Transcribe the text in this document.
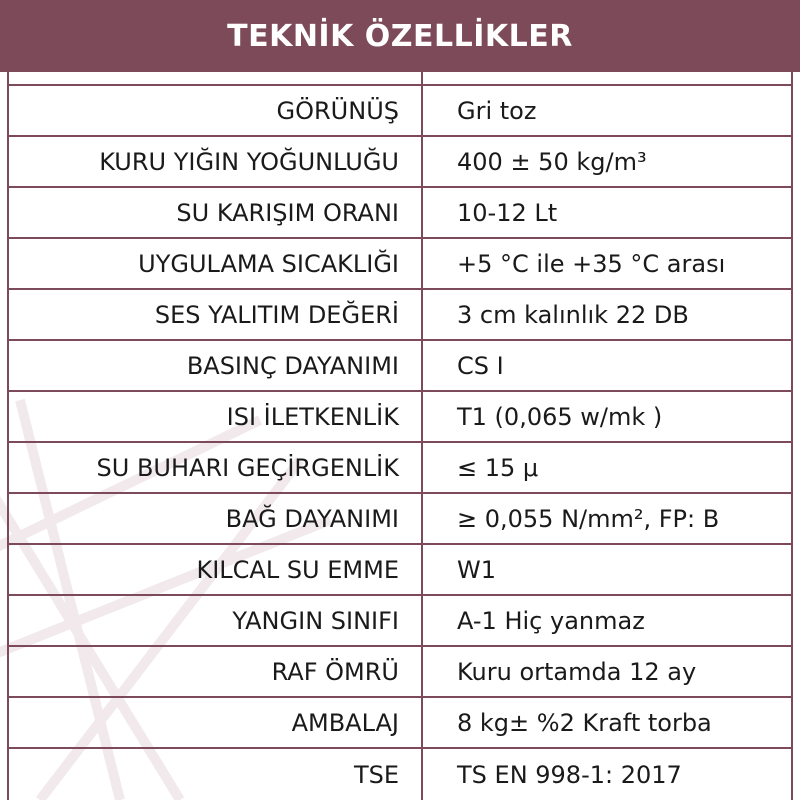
TEKNİK ÖZELLİKLER
GÖRÜNÜŞ	Gri toz
KURU YIĞIN YOĞUNLUĞU	400 ± 50 kg/m³
SU KARIŞIM ORANI	10-12 Lt
UYGULAMA SICAKLIĞI	+5 °C ile +35 °C arası
SES YALITIM DEĞERİ	3 cm kalınlık 22 DB
BASINÇ DAYANIMI	CS I
ISI İLETKENLİK	T1 (0,065 w/mk )
SU BUHARI GEÇİRGENLİK	≤ 15 μ
BAĞ DAYANIMI	≥ 0,055 N/mm², FP: B
KILCAL SU EMME	W1
YANGIN SINIFI	A-1 Hiç yanmaz
RAF ÖMRÜ	Kuru ortamda 12 ay
AMBALAJ	8 kg± %2 Kraft torba
TSE	TS EN 998-1: 2017
